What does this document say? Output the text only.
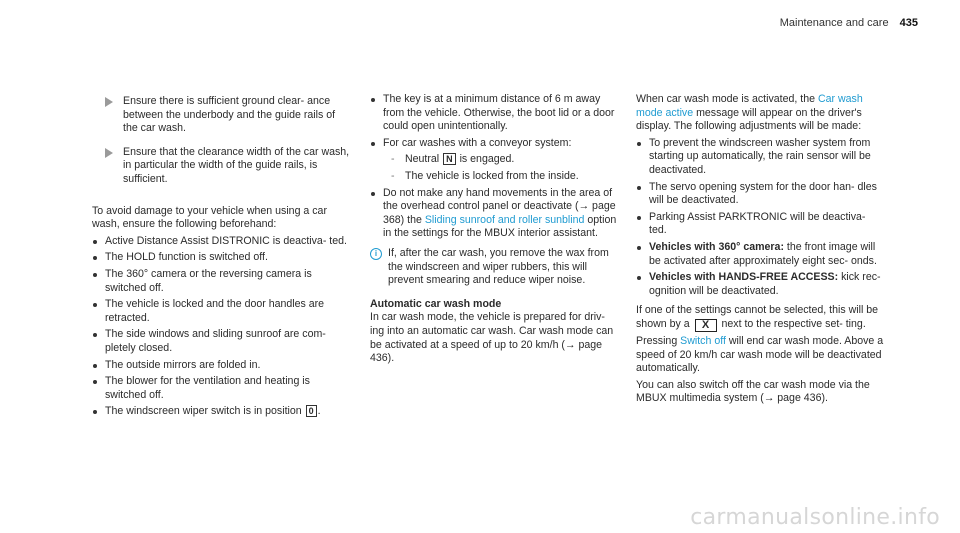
Maintenance and care 435
Ensure there is sufficient ground clear- ance between the underbody and the guide rails of the car wash.
Ensure that the clearance width of the car wash, in particular the width of the guide rails, is sufficient.

To avoid damage to your vehicle when using a car wash, ensure the following beforehand:

Active Distance Assist DISTRONIC is deactiva- ted.
The HOLD function is switched off.
The 360° camera or the reversing camera is switched off.
The vehicle is locked and the door handles are retracted.
The side windows and sliding sunroof are com- pletely closed.
The outside mirrors are folded in.
The blower for the ventilation and heating is switched off.
The windscreen wiper switch is in position 0 .
The key is at a minimum distance of 6 m away from the vehicle. Otherwise, the boot lid or a door could open unintentionally.
For car washes with a conveyor system:
- Neutral N is engaged.
- The vehicle is locked from the inside.
Do not make any hand movements in the area of the overhead control panel or deactivate (→ page 368) the Sliding sunroof and roller sunblind option in the settings for the MBUX interior assistant.
i	If, after the car wash, you remove the wax from the windscreen and wiper rubbers, this will prevent smearing and reduce wiper noise.
Automatic car wash mode

In car wash mode, the vehicle is prepared for driv- ing into an automatic car wash. Car wash mode can be activated at a speed of up to 20 km/h (→ page 436).

When car wash mode is activated, the Car wash mode active message will appear on the driver's display. The following adjustments will be made:

To prevent the windscreen washer system from starting up automatically, the rain sensor will be deactivated.
The servo opening system for the door han- dles will be deactivated.
Parking Assist PARKTRONIC will be deactiva- ted.
Vehicles with 360° camera: the front image will be activated after approximately eight sec- onds.
Vehicles with HANDS-FREE ACCESS: kick rec- ognition will be deactivated.

If one of the settings cannot be selected, this will be shown by a X next to the respective set- ting.

Pressing Switch off will end car wash mode. Above a speed of 20 km/h car wash mode will be deactivated automatically.

You can also switch off the car wash mode via the MBUX multimedia system (→ page 436).

carmanualsonline.info
